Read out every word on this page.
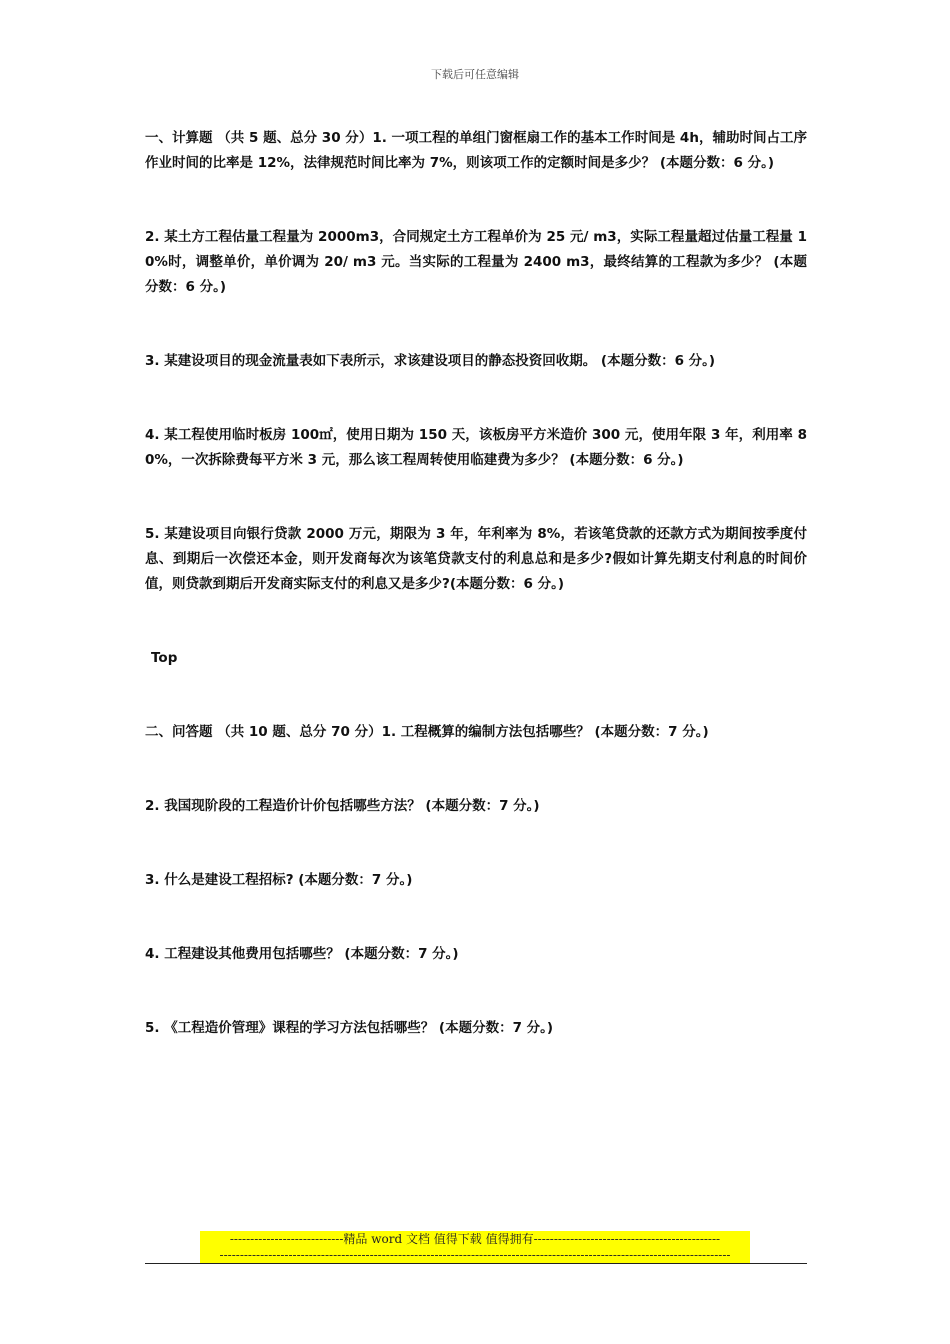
下载后可任意编辑

一、计算题 （共 5 题、总分 30 分）1. 一项工程的单组门窗框扇工作的基本工作时间是 4h，辅助时间占工序作业时间的比率是 12%，法律规范时间比率为 7%，则该项工作的定额时间是多少？ (本题分数：6 分。)

2. 某土方工程估量工程量为 2000m3，合同规定土方工程单价为 25 元/ m3，实际工程量超过估量工程量 10%时，调整单价，单价调为 20/ m3 元。当实际的工程量为 2400 m3，最终结算的工程款为多少？ (本题分数：6 分。)

3. 某建设项目的现金流量表如下表所示，求该建设项目的静态投资回收期。 (本题分数：6 分。)

4. 某工程使用临时板房 100㎡，使用日期为 150 天，该板房平方米造价 300 元，使用年限 3 年，利用率 80%，一次拆除费每平方米 3 元，那么该工程周转使用临建费为多少？ (本题分数：6 分。)

5. 某建设项目向银行贷款 2000 万元，期限为 3 年，年利率为 8%，若该笔贷款的还款方式为期间按季度付息、到期后一次偿还本金，则开发商每次为该笔贷款支付的利息总和是多少?假如计算先期支付利息的时间价值，则贷款到期后开发商实际支付的利息又是多少?(本题分数：6 分。)

Top

二、问答题 （共 10 题、总分 70 分）1. 工程概算的编制方法包括哪些？ (本题分数：7 分。)

2. 我国现阶段的工程造价计价包括哪些方法？ (本题分数：7 分。)

3. 什么是建设工程招标? (本题分数：7 分。)

4. 工程建设其他费用包括哪些？ (本题分数：7 分。)

5. 《工程造价管理》课程的学习方法包括哪些？ (本题分数：7 分。)

----------------------------精品 word 文档 值得下载 值得拥有----------------------------------------------
------------------------------------------------------------------------------------------------------------------------------
